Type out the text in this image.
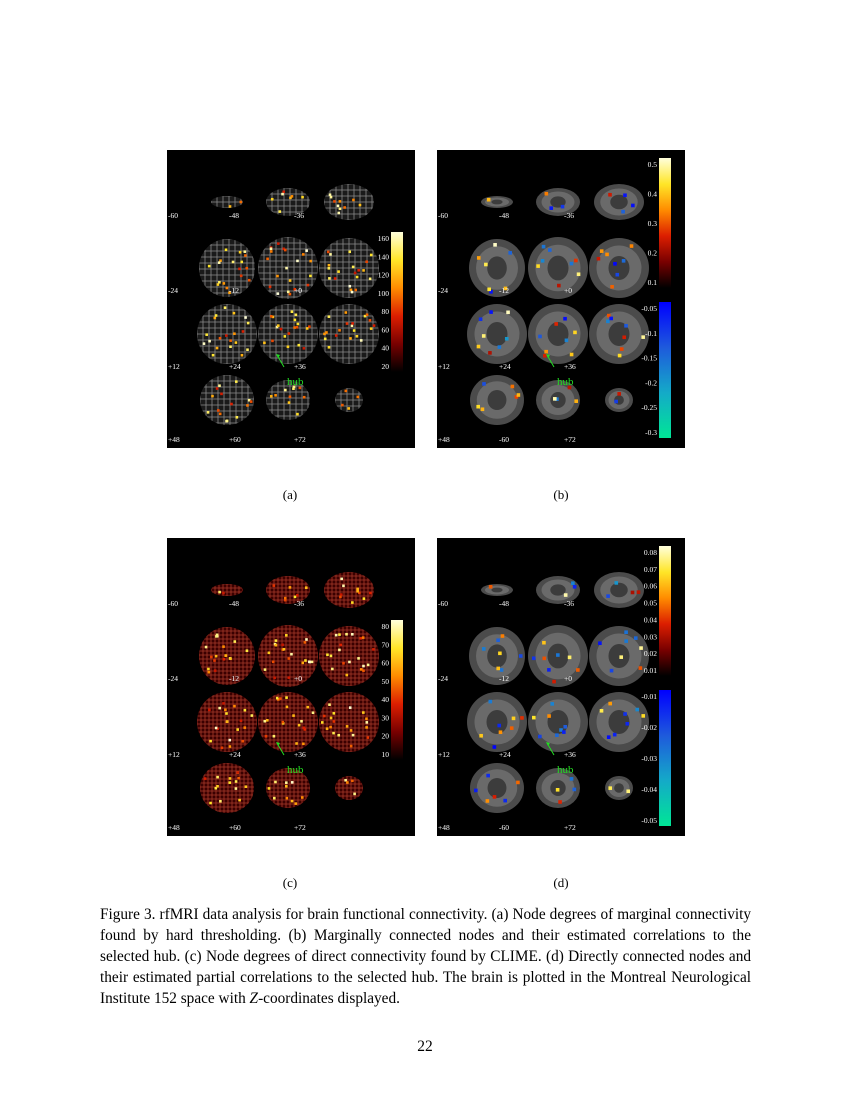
-60	-48	-36
-24	-12	+0
+12	+24	+36
+48	+60	+72
hub
160
140
120
100
80
60
40
20
-60	-48	-36
-24	-12	+0
+12	+24	+36
+48	-60	+72
hub
0.5
0.4
0.3
0.2
0.1
-0.05
-0.1
-0.15
-0.2
-0.25
-0.3
-60	-48	-36
-24	-12	+0
+12	+24	+36
+48	+60	+72
hub
80
70
60
50
40
30
20
10
-60	-48	-36
-24	-12	+0
+12	+24	+36
+48	-60	+72
hub
0.08
0.07
0.06
0.05
0.04
0.03
0.02
0.01
-0.01
-0.02
-0.03
-0.04
-0.05
(a)	(b)
(c)	(d)
Figure 3. rfMRI data analysis for brain functional connectivity. (a) Node degrees of marginal connectivity found by hard thresholding. (b) Marginally connected nodes and their estimated correlations to the selected hub. (c) Node degrees of direct connectivity found by CLIME. (d) Directly connected nodes and their estimated partial correlations to the selected hub. The brain is plotted in the Montreal Neurological Institute 152 space with Z-coordinates displayed.
22
